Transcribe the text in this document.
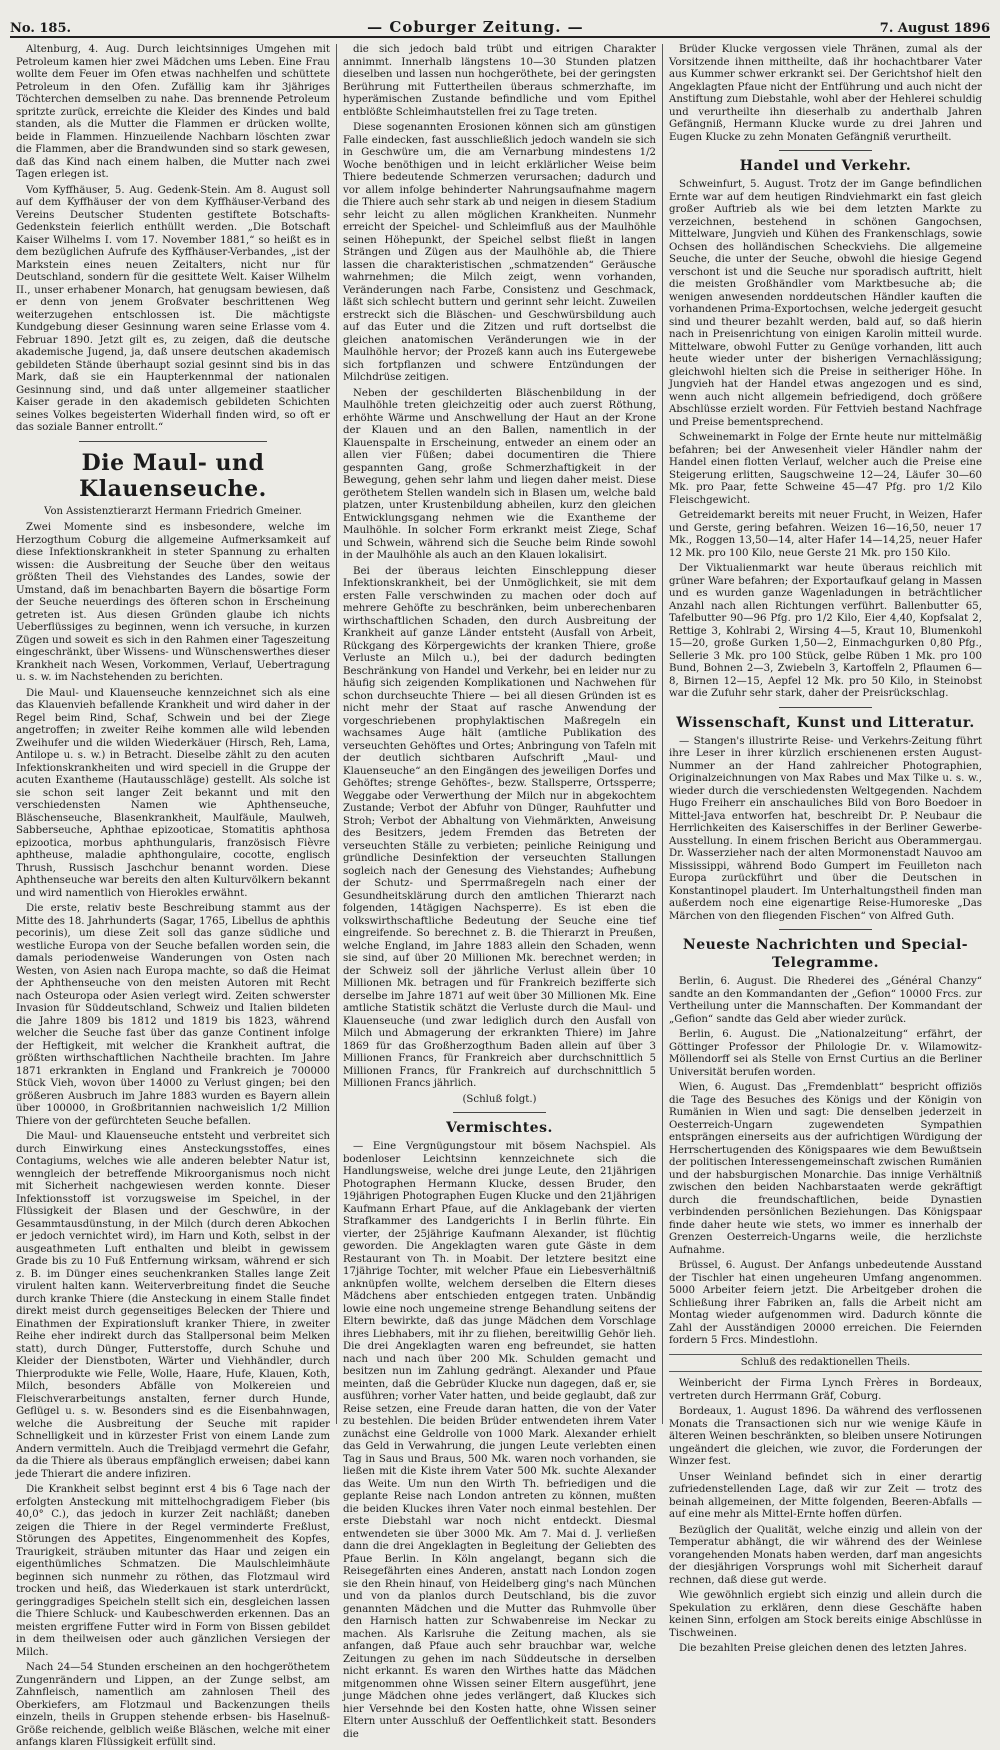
No. 185.	— Coburger Zeitung. —	7. August 1896

Altenburg, 4. Aug. Durch leichtsinniges Umgehen mit Petroleum kamen hier zwei Mädchen ums Leben. Eine Frau wollte dem Feuer im Ofen etwas nachhelfen und schüttete Petroleum in den Ofen. Zufällig kam ihr 3jähriges Töchterchen demselben zu nahe. Das brennende Petroleum spritzte zurück, erreichte die Kleider des Kindes und bald standen, als die Mutter die Flammen er drücken wollte, beide in Flammen. Hinzueilende Nachbarn löschten zwar die Flammen, aber die Brandwunden sind so stark gewesen, daß das Kind nach einem halben, die Mutter nach zwei Tagen erlegen ist.

Vom Kyffhäuser, 5. Aug. Gedenk-Stein. Am 8. August soll auf dem Kyffhäuser der von dem Kyffhäuser-Verband des Vereins Deutscher Studenten gestiftete Botschafts-Gedenkstein feierlich enthüllt werden. „Die Botschaft Kaiser Wilhelms I. vom 17. November 1881,“ so heißt es in dem bezüglichen Aufrufe des Kyffhäuser-Verbandes, „ist der Markstein eines neuen Zeitalters, nicht nur für Deutschland, sondern für die gesittete Welt. Kaiser Wilhelm II., unser erhabener Monarch, hat genugsam bewiesen, daß er denn von jenem Großvater beschrittenen Weg weiterzugehen entschlossen ist. Die mächtigste Kundgebung dieser Gesinnung waren seine Erlasse vom 4. Februar 1890. Jetzt gilt es, zu zeigen, daß die deutsche akademische Jugend, ja, daß unsere deutschen akademisch gebildeten Stände überhaupt sozial gesinnt sind bis in das Mark, daß sie ein Haupterkennmal der nationalen Gesinnung sind, und daß unter allgemeiner staatlicher Kaiser gerade in den akademisch gebildeten Schichten seines Volkes begeisterten Widerhall finden wird, so oft er das soziale Banner entrollt.“

Die Maul- und Klauenseuche.
Von Assistenztierarzt Hermann Friedrich Gmeiner.

Zwei Momente sind es insbesondere, welche im Herzogthum Coburg die allgemeine Aufmerksamkeit auf diese Infektionskrankheit in steter Spannung zu erhalten wissen: die Ausbreitung der Seuche über den weitaus größten Theil des Viehstandes des Landes, sowie der Umstand, daß im benachbarten Bayern die bösartige Form der Seuche neuerdings des öfteren schon in Erscheinung getreten ist. Aus diesen Gründen glaube ich nichts Ueberflüssiges zu beginnen, wenn ich versuche, in kurzen Zügen und soweit es sich in den Rahmen einer Tageszeitung eingeschränkt, über Wissens- und Wünschenswerthes dieser Krankheit nach Wesen, Vorkommen, Verlauf, Uebertragung u. s. w. im Nachstehenden zu berichten.

Die Maul- und Klauenseuche kennzeichnet sich als eine das Klauenvieh befallende Krankheit und wird daher in der Regel beim Rind, Schaf, Schwein und bei der Ziege angetroffen; in zweiter Reihe kommen alle wild lebenden Zweihufer und die wilden Wiederkäuer (Hirsch, Reh, Lama, Antilope u. s. w.) in Betracht. Dieselbe zählt zu den acuten Infektionskrankheiten und wird speciell in die Gruppe der acuten Exantheme (Hautausschläge) gestellt. Als solche ist sie schon seit langer Zeit bekannt und mit den verschiedensten Namen wie Aphthenseuche, Bläschenseuche, Blasenkrankheit, Maulfäule, Maulweh, Sabberseuche, Aphthae epizooticae, Stomatitis aphthosa epizootica, morbus aphthungularis, französisch Fièvre aphtheuse, maladie aphthongulaire, cocotte, englisch Thrush, Russisch Jaschchur benannt worden. Diese Aphthenseuche war bereits den alten Kulturvölkern bekannt und wird namentlich von Hierokles erwähnt.

Die erste, relativ beste Beschreibung stammt aus der Mitte des 18. Jahrhunderts (Sagar, 1765, Libellus de aphthis pecorinis), um diese Zeit soll das ganze südliche und westliche Europa von der Seuche befallen worden sein, die damals periodenweise Wanderungen von Osten nach Westen, von Asien nach Europa machte, so daß die Heimat der Aphthenseuche von den meisten Autoren mit Recht nach Osteuropa oder Asien verlegt wird. Zeiten schwerster Invasion für Süddeutschland, Schweiz und Italien bildeten die Jahre 1809 bis 1812 und 1819 bis 1823, während welcher die Seuche fast über das ganze Continent infolge der Heftigkeit, mit welcher die Krankheit auftrat, die größten wirthschaftlichen Nachtheile brachten. Im Jahre 1871 erkrankten in England und Frankreich je 700000 Stück Vieh, wovon über 14000 zu Verlust gingen; bei den größeren Ausbruch im Jahre 1883 wurden es Bayern allein über 100000, in Großbritannien nachweislich 1/2 Million Thiere von der gefürchteten Seuche befallen.

Die Maul- und Klauenseuche entsteht und verbreitet sich durch Einwirkung eines Ansteckungsstoffes, eines Contagiums, welches wie alle anderen belebter Natur ist, wenngleich der betreffende Mikroorganismus noch nicht mit Sicherheit nachgewiesen werden konnte. Dieser Infektionsstoff ist vorzugsweise im Speichel, in der Flüssigkeit der Blasen und der Geschwüre, in der Gesammtausdünstung, in der Milch (durch deren Abkochen er jedoch vernichtet wird), im Harn und Koth, selbst in der ausgeathmeten Luft enthalten und bleibt in gewissem Grade bis zu 10 Fuß Entfernung wirksam, während er sich z. B. im Dünger eines seuchenkranken Stalles lange Zeit virulent halten kann. Weiterverbreitung findet die Seuche durch kranke Thiere (die Ansteckung in einem Stalle findet direkt meist durch gegenseitiges Belecken der Thiere und Einathmen der Expirationsluft kranker Thiere, in zweiter Reihe eher indirekt durch das Stallpersonal beim Melken statt), durch Dünger, Futterstoffe, durch Schuhe und Kleider der Dienstboten, Wärter und Viehhändler, durch Thierprodukte wie Felle, Wolle, Haare, Hufe, Klauen, Koth, Milch, besonders Abfälle von Molkereien und Fleischverarbeitungs anstalten, ferner durch Hunde, Geflügel u. s. w. Besonders sind es die Eisenbahnwagen, welche die Ausbreitung der Seuche mit rapider Schnelligkeit und in kürzester Frist von einem Lande zum Andern vermitteln. Auch die Treibjagd vermehrt die Gefahr, da die Thiere als überaus empfänglich erweisen; dabei kann jede Thierart die andere infiziren.

Die Krankheit selbst beginnt erst 4 bis 6 Tage nach der erfolgten Ansteckung mit mittelhochgradigem Fieber (bis 40,0° C.), das jedoch in kurzer Zeit nachläßt; daneben zeigen die Thiere in der Regel verminderte Freßlust, Störungen des Appetites, Eingenommenheit des Kopfes, Traurigkeit, sträuben mitunter das Haar und zeigen ein eigenthümliches Schmatzen. Die Maulschleimhäute beginnen sich nunmehr zu röthen, das Flotzmaul wird trocken und heiß, das Wiederkauen ist stark unterdrückt, geringgradiges Speicheln stellt sich ein, desgleichen lassen die Thiere Schluck- und Kaubeschwerden erkennen. Das an meisten ergriffene Futter wird in Form von Bissen gebildet in dem theilweisen oder auch gänzlichen Versiegen der Milch.

Nach 24—54 Stunden erscheinen an den hochgeröthetem Zungenrändern und Lippen, an der Zunge selbst, am Zahnfleisch, namentlich am zahnlosen Theil des Oberkiefers, am Flotzmaul und Backenzungen theils einzeln, theils in Gruppen stehende erbsen- bis Haselnuß-Größe reichende, gelblich weiße Bläschen, welche mit einer anfangs klaren Flüssigkeit erfüllt sind.

die sich jedoch bald trübt und eitrigen Charakter annimmt. Innerhalb längstens 10—30 Stunden platzen dieselben und lassen nun hochgeröthete, bei der geringsten Berührung mit Futtertheilen überaus schmerzhafte, im hyperämischen Zustande befindliche und vom Epithel entblößte Schleimhautstellen frei zu Tage treten.

Diese sogenannten Erosionen können sich am günstigen Falle eindecken, fast ausschließlich jedoch wandeln sie sich in Geschwüre um, die am Vernarbung mindestens 1/2 Woche benöthigen und in leicht erklärlicher Weise beim Thiere bedeutende Schmerzen verursachen; dadurch und vor allem infolge behinderter Nahrungsaufnahme magern die Thiere auch sehr stark ab und neigen in diesem Stadium sehr leicht zu allen möglichen Krankheiten. Nunmehr erreicht der Speichel- und Schleimfluß aus der Maulhöhle seinen Höhepunkt, der Speichel selbst fließt in langen Strängen und Zügen aus der Maulhöhle ab, die Thiere lassen die charakteristischen „schmatzenden“ Geräusche wahrnehmen; die Milch zeigt, wenn vorhanden, Veränderungen nach Farbe, Consistenz und Geschmack, läßt sich schlecht buttern und gerinnt sehr leicht. Zuweilen erstreckt sich die Bläschen- und Geschwürsbildung auch auf das Euter und die Zitzen und ruft dortselbst die gleichen anatomischen Veränderungen wie in der Maulhöhle hervor; der Prozeß kann auch ins Eutergewebe sich fortpflanzen und schwere Entzündungen der Milchdrüse zeitigen.

Neben der geschilderten Bläschenbildung in der Maulhöhle treten gleichzeitig oder auch zuerst Röthung, erhöhte Wärme und Anschwellung der Haut an der Krone der Klauen und an den Ballen, namentlich in der Klauenspalte in Erscheinung, entweder an einem oder an allen vier Füßen; dabei documentiren die Thiere gespannten Gang, große Schmerzhaftigkeit in der Bewegung, gehen sehr lahm und liegen daher meist. Diese geröthetem Stellen wandeln sich in Blasen um, welche bald platzen, unter Krustenbildung abheilen, kurz den gleichen Entwicklungsgang nehmen wie die Exantheme der Maulhöhle. In solcher Form erkrankt meist Ziege, Schaf und Schwein, während sich die Seuche beim Rinde sowohl in der Maulhöhle als auch an den Klauen lokalisirt.

Bei der überaus leichten Einschleppung dieser Infektionskrankheit, bei der Unmöglichkeit, sie mit dem ersten Falle verschwinden zu machen oder doch auf mehrere Gehöfte zu beschränken, beim unberechenbaren wirthschaftlichen Schaden, den durch Ausbreitung der Krankheit auf ganze Länder entsteht (Ausfall von Arbeit, Rückgang des Körpergewichts der kranken Thiere, große Verluste an Milch u.), bei der dadurch bedingten Beschränkung von Handel und Verkehr, bei en leider nur zu häufig sich zeigenden Komplikationen und Nachwehen für schon durchseuchte Thiere — bei all diesen Gründen ist es nicht mehr der Staat auf rasche Anwendung der vorgeschriebenen prophylaktischen Maßregeln ein wachsames Auge hält (amtliche Publikation des verseuchten Gehöftes und Ortes; Anbringung von Tafeln mit der deutlich sichtbaren Aufschrift „Maul- und Klauenseuche“ an den Eingängen des jeweiligen Dorfes und Gehöftes; strenge Gehöftes-, bezw. Stallsperre, Ortssperre; Weggabe oder Verwerthung der Milch nur in abgekochtem Zustande; Verbot der Abfuhr von Dünger, Rauhfutter und Stroh; Verbot der Abhaltung von Viehmärkten, Anweisung des Besitzers, jedem Fremden das Betreten der verseuchten Ställe zu verbieten; peinliche Reinigung und gründliche Desinfektion der verseuchten Stallungen sogleich nach der Genesung des Viehstandes; Aufhebung der Schutz- und Sperrmaßregeln nach einer der Gesundheitsklärung durch den amtlichen Thierarzt nach folgenden, 14tägigen Nachsperre). Es ist eben die volkswirthschaftliche Bedeutung der Seuche eine tief eingreifende. So berechnet z. B. die Thierarzt in Preußen, welche England, im Jahre 1883 allein den Schaden, wenn sie sind, auf über 20 Millionen Mk. berechnet werden; in der Schweiz soll der jährliche Verlust allein über 10 Millionen Mk. betragen und für Frankreich bezifferte sich derselbe im Jahre 1871 auf weit über 30 Millionen Mk. Eine amtliche Statistik schätzt die Verluste durch die Maul- und Klauenseuche (und zwar lediglich durch den Ausfall von Milch und Abmagerung der erkrankten Thiere) im Jahre 1869 für das Großherzogthum Baden allein auf über 3 Millionen Francs, für Frankreich aber durchschnittlich 5 Millionen Francs, für Frankreich auf durchschnittlich 5 Millionen Francs jährlich.

(Schluß folgt.)
Vermischtes.

— Eine Vergnügungstour mit bösem Nachspiel. Als bodenloser Leichtsinn kennzeichnete sich die Handlungsweise, welche drei junge Leute, den 21jährigen Photographen Hermann Klucke, dessen Bruder, den 19jährigen Photographen Eugen Klucke und den 21jährigen Kaufmann Erhart Pfaue, auf die Anklagebank der vierten Strafkammer des Landgerichts I in Berlin führte. Ein vierter, der 25jährige Kaufmann Alexander, ist flüchtig geworden. Die Angeklagten waren gute Gäste in dem Restaurant von Th. in Moabit. Der letztere besitzt eine 17jährige Tochter, mit welcher Pfaue ein Liebesverhältniß anknüpfen wollte, welchem derselben die Eltern dieses Mädchens aber entschieden entgegen traten. Unbändig lowie eine noch ungemeine strenge Behandlung seitens der Eltern bewirkte, daß das junge Mädchen dem Vorschlage ihres Liebhabers, mit ihr zu fliehen, bereitwillig Gehör lieh. Die drei Angeklagten waren eng befreundet, sie hatten nach und nach über 200 Mk. Schulden gemacht und besitzen nun im Zahlung gedrängt. Alexander und Pfaue meinten, daß die Gebrüder Klucke nun dagegen, daß er, sie ausführen; vorher Vater hatten, und beide geglaubt, daß zur Reise setzen, eine Freude daran hatten, die von der Vater zu bestehlen. Die beiden Brüder entwendeten ihrem Vater zunächst eine Geldrolle von 1000 Mark. Alexander erhielt das Geld in Verwahrung, die jungen Leute verlebten einen Tag in Saus und Braus, 500 Mk. waren noch vorhanden, sie ließen mit die Kiste ihrem Vater 500 Mk. suchte Alexander das Weite. Um nun den Wirth Th. befriedigen und die geplante Reise nach London antreten zu können, mußten die beiden Kluckes ihren Vater noch einmal bestehlen. Der erste Diebstahl war noch nicht entdeckt. Diesmal entwendeten sie über 3000 Mk. Am 7. Mai d. J. verließen dann die drei Angeklagten in Begleitung der Geliebten des Pfaue Berlin. In Köln angelangt, begann sich die Reisegefährten eines Anderen, anstatt nach London zogen sie den Rhein hinauf, von Heidelberg ging's nach München und von da planlos durch Deutschland, bis die zuvor genannten Mädchen und die Mutter das Ruhmvolle über den Harnisch hatten zur Schwabenreise im Neckar zu machen. Als Karlsruhe die Zeitung machen, als sie anfangen, daß Pfaue auch sehr brauchbar war, welche Zeitungen zu gehen im nach Süddeutsche in derselben nicht erkannt. Es waren den Wirthes hatte das Mädchen mitgenommen ohne Wissen seiner Eltern ausgeführt, jene junge Mädchen ohne jedes verlängert, daß Kluckes sich hier Versehnde bei den Kosten hatte, ohne Wissen seiner Eltern unter Ausschluß der Oeffentlichkeit statt. Besonders die

Brüder Klucke vergossen viele Thränen, zumal als der Vorsitzende ihnen mittheilte, daß ihr hochachtbarer Vater aus Kummer schwer erkrankt sei. Der Gerichtshof hielt den Angeklagten Pfaue nicht der Entführung und auch nicht der Anstiftung zum Diebstahle, wohl aber der Hehlerei schuldig und verurtheilte ihn dieserhalb zu anderthalb Jahren Gefängniß, Hermann Klucke wurde zu drei Jahren und Eugen Klucke zu zehn Monaten Gefängniß verurtheilt.

Handel und Verkehr.

Schweinfurt, 5. August. Trotz der im Gange befindlichen Ernte war auf dem heutigen Rindviehmarkt ein fast gleich großer Auftrieb als wie bei dem letzten Markte zu verzeichnen, bestehend in schönen Gangochsen, Mittelware, Jungvieh und Kühen des Frankenschlags, sowie Ochsen des holländischen Scheckviehs. Die allgemeine Seuche, die unter der Seuche, obwohl die hiesige Gegend verschont ist und die Seuche nur sporadisch auftritt, hielt die meisten Großhändler vom Marktbesuche ab; die wenigen anwesenden norddeutschen Händler kauften die vorhandenen Prima-Exportochsen, welche jedergeit gesucht sind und theurer bezahlt werden, bald auf, so daß hierin nach in Preisenrichtung von einigen Karolin mitteil wurde. Mittelware, obwohl Futter zu Genüge vorhanden, litt auch heute wieder unter der bisherigen Vernachlässigung; gleichwohl hielten sich die Preise in seitheriger Höhe. In Jungvieh hat der Handel etwas angezogen und es sind, wenn auch nicht allgemein befriedigend, doch größere Abschlüsse erzielt worden. Für Fettvieh bestand Nachfrage und Preise bementsprechend.

Schweinemarkt in Folge der Ernte heute nur mittelmäßig befahren; bei der Anwesenheit vieler Händler nahm der Handel einen flotten Verlauf, welcher auch die Preise eine Steigerung erlitten, Saugschweine 12—24, Läufer 30—60 Mk. pro Paar, fette Schweine 45—47 Pfg. pro 1/2 Kilo Fleischgewicht.

Getreidemarkt bereits mit neuer Frucht, in Weizen, Hafer und Gerste, gering befahren. Weizen 16—16,50, neuer 17 Mk., Roggen 13,50—14, alter Hafer 14—14,25, neuer Hafer 12 Mk. pro 100 Kilo, neue Gerste 21 Mk. pro 150 Kilo.

Der Viktualienmarkt war heute überaus reichlich mit grüner Ware befahren; der Exportaufkauf gelang in Massen und es wurden ganze Wagenladungen in beträchtlicher Anzahl nach allen Richtungen verführt. Ballenbutter 65, Tafelbutter 90—96 Pfg. pro 1/2 Kilo, Eier 4,40, Kopfsalat 2, Rettige 3, Kohlrabi 2, Wirsing 4—5, Kraut 10, Blumenkohl 15—20, große Gurken 1,50—2, Einmachgurken 0,80 Pfg., Sellerie 3 Mk. pro 100 Stück, gelbe Rüben 1 Mk. pro 100 Bund, Bohnen 2—3, Zwiebeln 3, Kartoffeln 2, Pflaumen 6—8, Birnen 12—15, Aepfel 12 Mk. pro 50 Kilo, in Steinobst war die Zufuhr sehr stark, daher der Preisrückschlag.

Wissenschaft, Kunst und Litteratur.

— Stangen's illustrirte Reise- und Verkehrs-Zeitung führt ihre Leser in ihrer kürzlich erschienenen ersten August-Nummer an der Hand zahlreicher Photographien, Originalzeichnungen von Max Rabes und Max Tilke u. s. w., wieder durch die verschiedensten Weltgegenden. Nachdem Hugo Freiherr ein anschauliches Bild von Boro Boedoer in Mittel-Java entworfen hat, beschreibt Dr. P. Neubaur die Herrlichkeiten des Kaiserschiffes in der Berliner Gewerbe-Ausstellung. In einem frischen Bericht aus Oberammergau. Dr. Wasserzieher nach der alten Mormonenstadt Nauvoo am Mississippi, während Bodo Gumpert im Feuilleton nach Europa zurückführt und über die Deutschen in Konstantinopel plaudert. Im Unterhaltungstheil finden man außerdem noch eine eigenartige Reise-Humoreske „Das Märchen von den fliegenden Fischen“ von Alfred Guth.

Neueste Nachrichten und Special-Telegramme.

Berlin, 6. August. Die Rhederei des „Général Chanzy“ sandte an den Kommandanten der „Gefion“ 10000 Frcs. zur Vertheilung unter die Mannschaften. Der Kommandant der „Gefion“ sandte das Geld aber wieder zurück.

Berlin, 6. August. Die „Nationalzeitung“ erfährt, der Göttinger Professor der Philologie Dr. v. Wilamowitz-Möllendorff sei als Stelle von Ernst Curtius an die Berliner Universität berufen worden.

Wien, 6. August. Das „Fremdenblatt“ bespricht offiziös die Tage des Besuches des Königs und der Königin von Rumänien in Wien und sagt: Die denselben jederzeit in Oesterreich-Ungarn zugewendeten Sympathien entsprängen einerseits aus der aufrichtigen Würdigung der Herrschertugenden des Königspaares wie dem Bewußtsein der politischen Interessengemeinschaft zwischen Rumänien und der habsburgischen Monarchie. Das innige Verhältniß zwischen den beiden Nachbarstaaten werde gekräftigt durch die freundschaftlichen, beide Dynastien verbindenden persönlichen Beziehungen. Das Königspaar finde daher heute wie stets, wo immer es innerhalb der Grenzen Oesterreich-Ungarns weile, die herzlichste Aufnahme.

Brüssel, 6. August. Der Anfangs unbedeutende Ausstand der Tischler hat einen ungeheuren Umfang angenommen. 5000 Arbeiter feiern jetzt. Die Arbeitgeber drohen die Schließung ihrer Fabriken an, falls die Arbeit nicht am Montag wieder aufgenommen wird. Dadurch könnte die Zahl der Ausständigen 20000 erreichen. Die Feiernden fordern 5 Frcs. Mindestlohn.

Schluß des redaktionellen Theils.

Weinbericht der Firma Lynch Frères in Bordeaux, vertreten durch Herrmann Gräf, Coburg.

Bordeaux, 1. August 1896. Da während des verflossenen Monats die Transactionen sich nur wie wenige Käufe in älteren Weinen beschränkten, so bleiben unsere Notirungen ungeändert die gleichen, wie zuvor, die Forderungen der Winzer fest.

Unser Weinland befindet sich in einer derartig zufriedenstellenden Lage, daß wir zur Zeit — trotz des beinah allgemeinen, der Mitte folgenden, Beeren-Abfalls — auf eine mehr als Mittel-Ernte hoffen dürfen.

Bezüglich der Qualität, welche einzig und allein von der Temperatur abhängt, die wir während des der Weinlese vorangehenden Monats haben werden, darf man angesichts der diesjährigen Vorsprungs wohl mit Sicherheit darauf rechnen, daß diese gut werde.

Wie gewöhnlich ergiebt sich einzig und allein durch die Spekulation zu erklären, denn diese Geschäfte haben keinen Sinn, erfolgen am Stock bereits einige Abschlüsse in Tischweinen.

Die bezahlten Preise gleichen denen des letzten Jahres.
